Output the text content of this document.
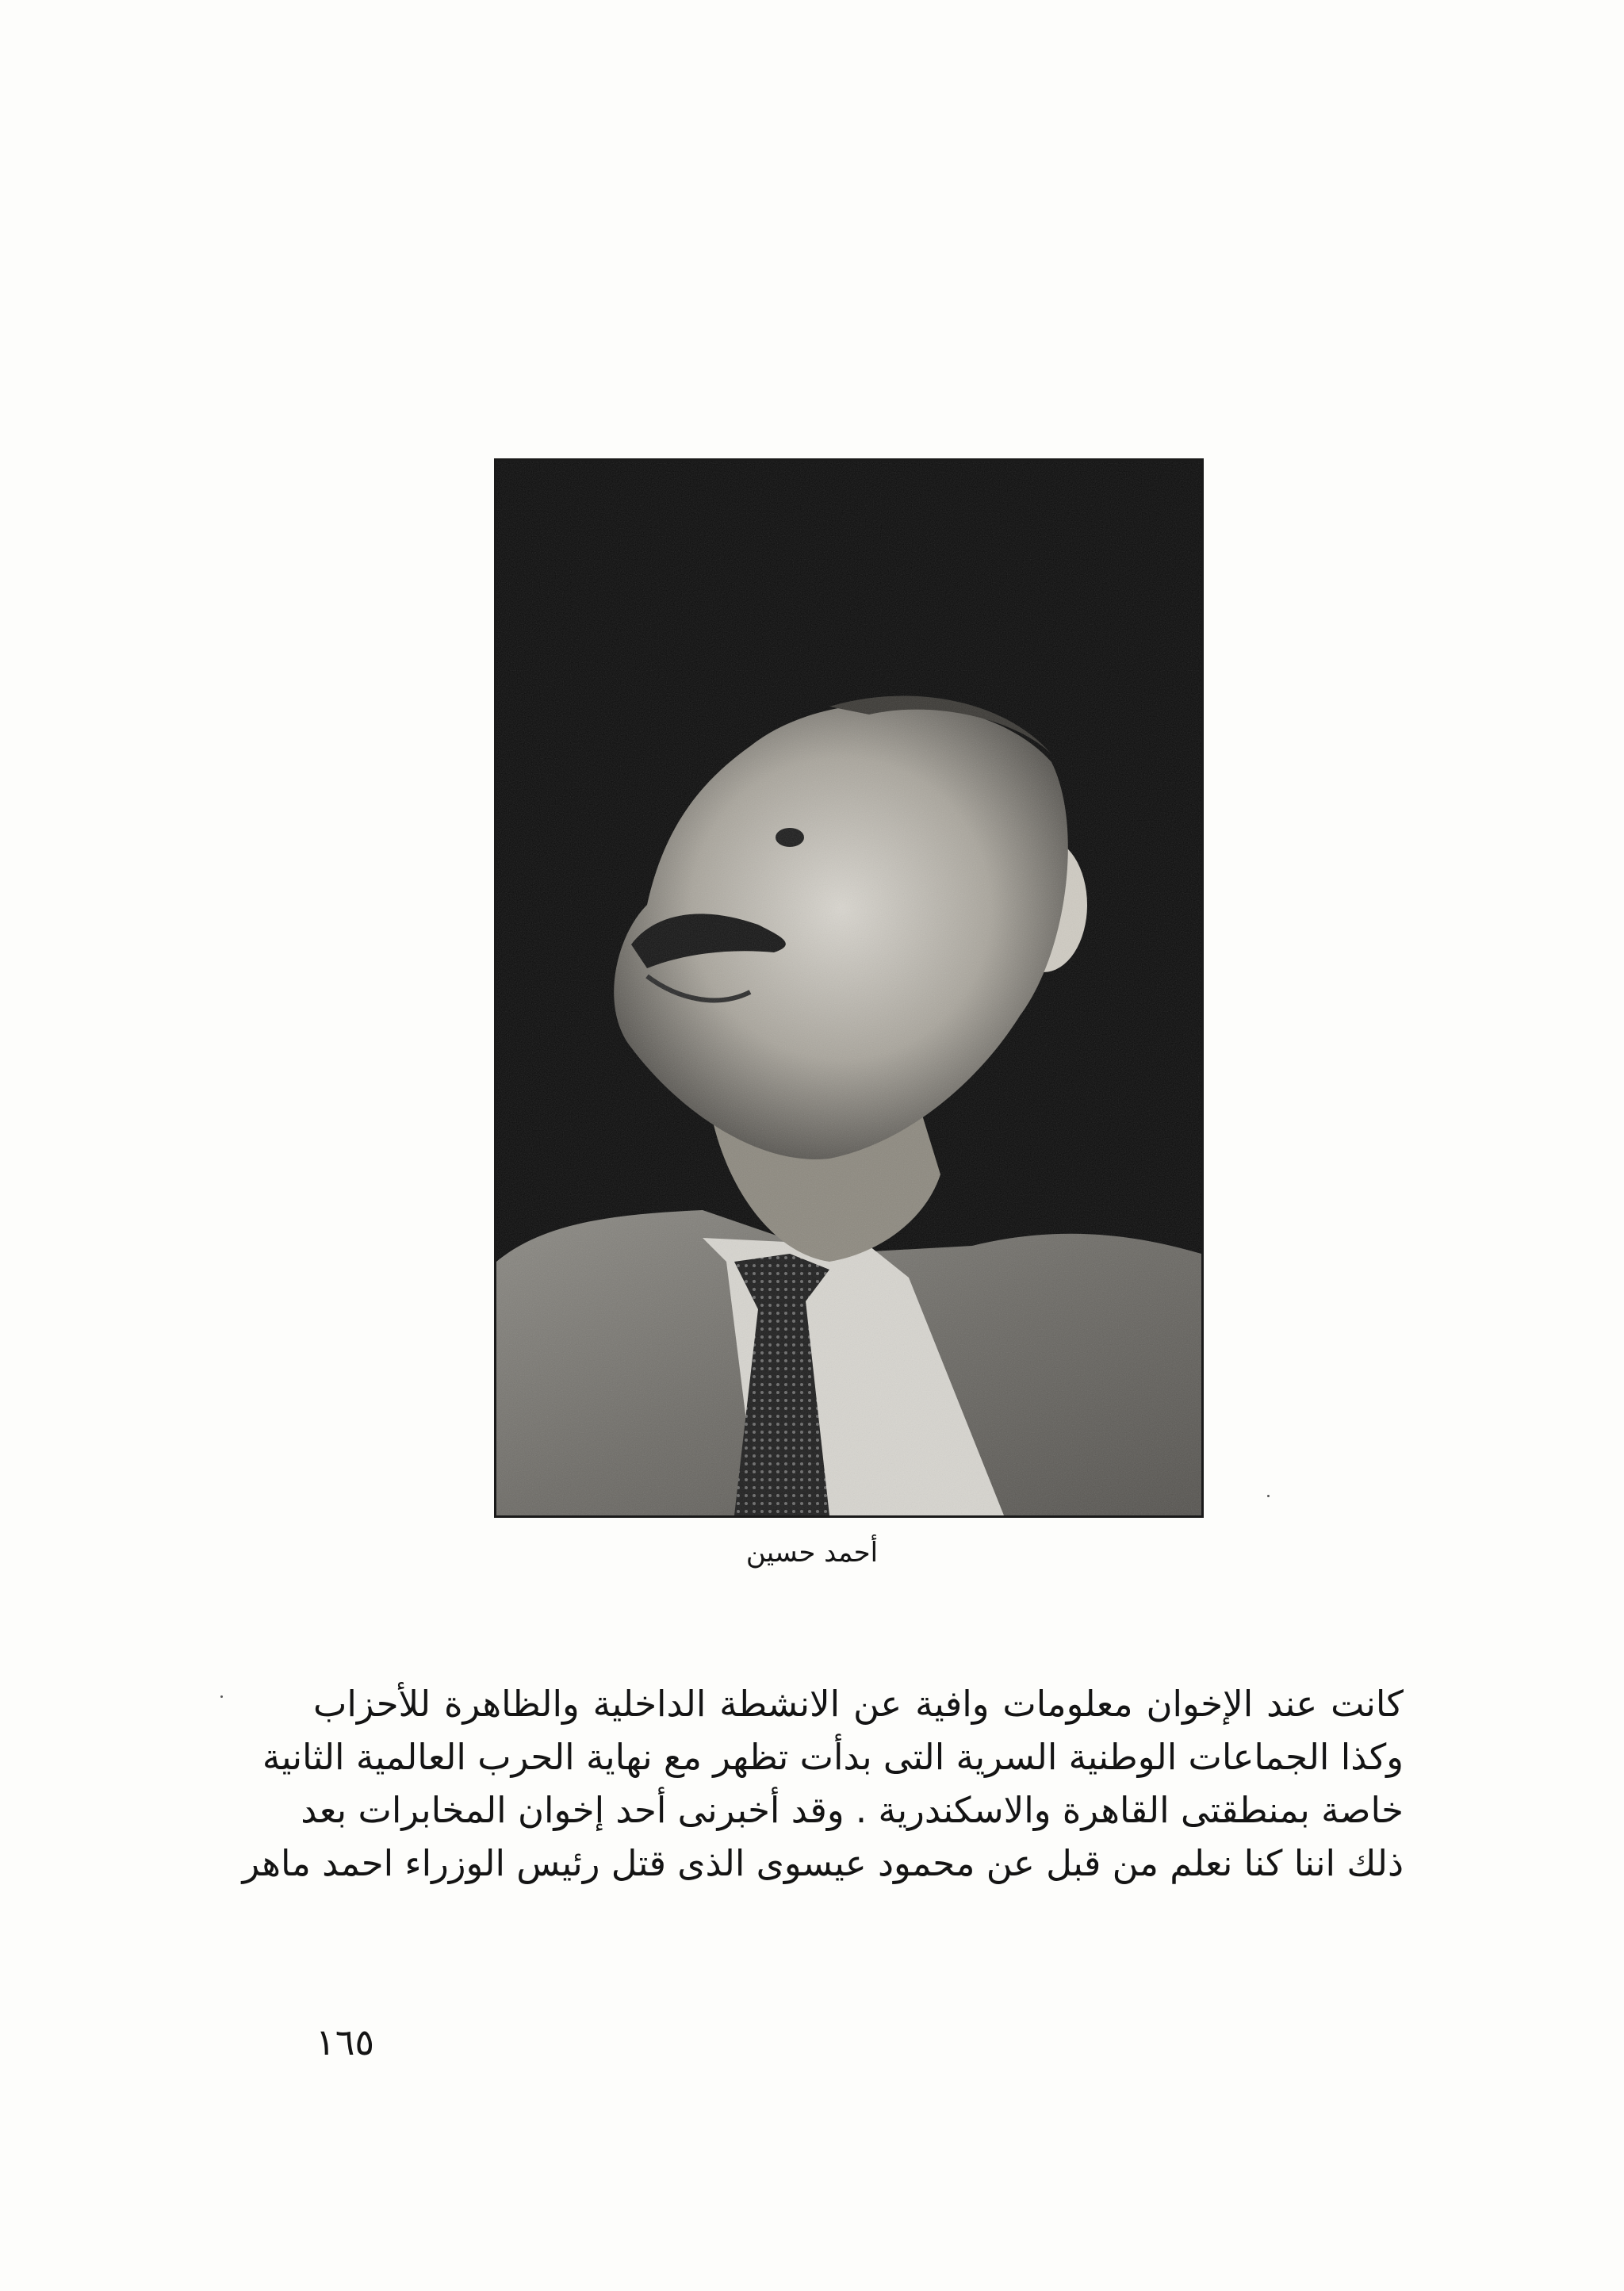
أحمد حسين
كانت عند الإخوان معلومات وافية عن الانشطة الداخلية والظاهرة للأحزاب
وكذا الجماعات الوطنية السرية التى بدأت تظهر مع نهاية الحرب العالمية الثانية
خاصة بمنطقتى القاهرة والاسكندرية . وقد أخبرنى أحد إخوان المخابرات بعد
ذلك اننا كنا نعلم من قبل عن محمود عيسوى الذى قتل رئيس الوزراء احمد ماهر
١٦٥
